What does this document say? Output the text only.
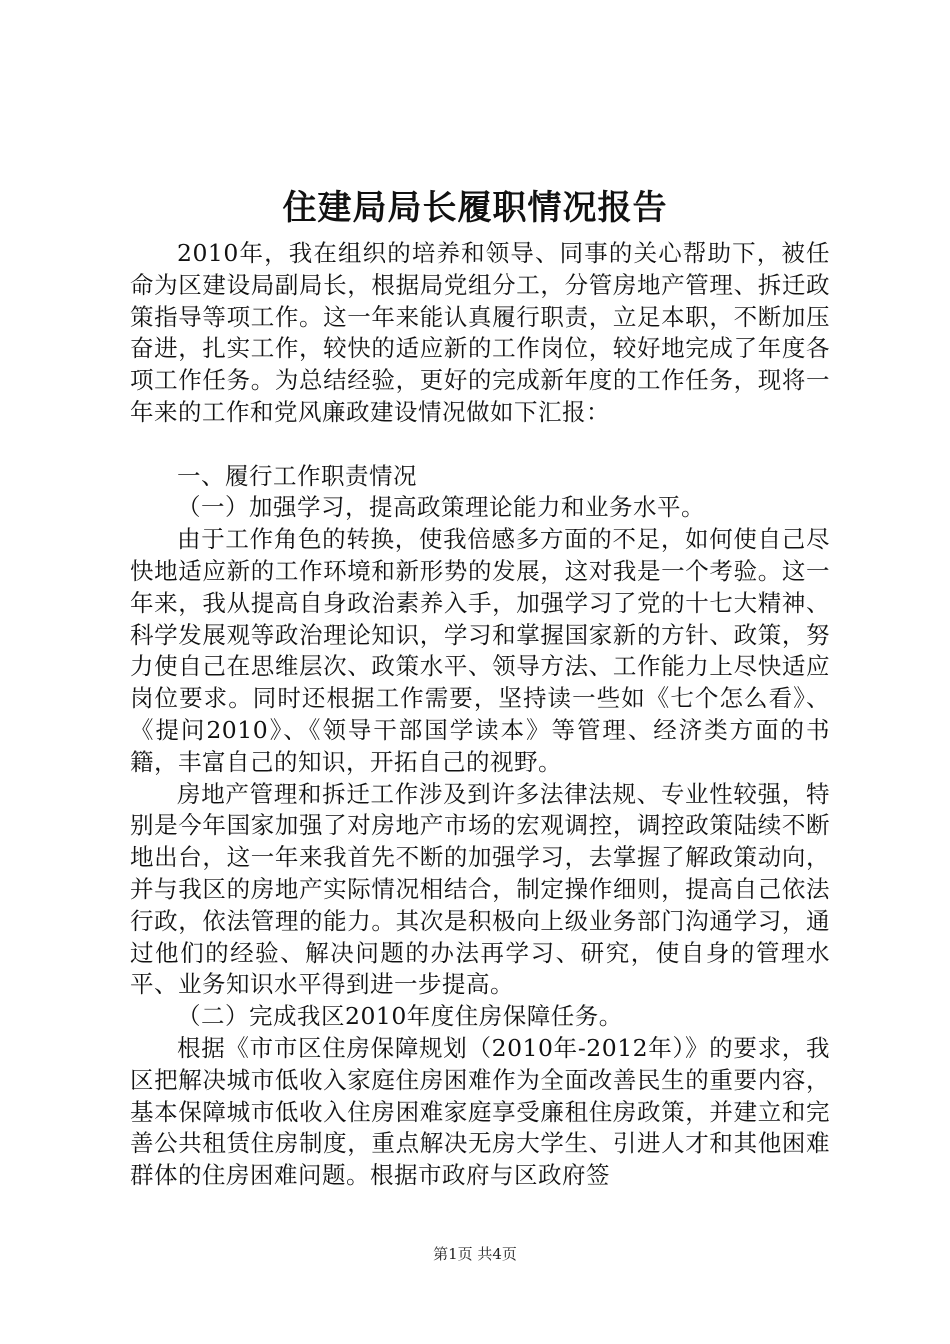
住建局局长履职情况报告

2010年，我在组织的培养和领导、同事的关心帮助下，被任命为区建设局副局长，根据局党组分工，分管房地产管理、拆迁政策指导等项工作。这一年来能认真履行职责，立足本职，不断加压奋进，扎实工作，较快的适应新的工作岗位，较好地完成了年度各项工作任务。为总结经验，更好的完成新年度的工作任务，现将一年来的工作和党风廉政建设情况做如下汇报：

一、履行工作职责情况

（一）加强学习，提高政策理论能力和业务水平。

由于工作角色的转换，使我倍感多方面的不足，如何使自己尽快地适应新的工作环境和新形势的发展，这对我是一个考验。这一年来，我从提高自身政治素养入手，加强学习了党的十七大精神、科学发展观等政治理论知识，学习和掌握国家新的方针、政策，努力使自己在思维层次、政策水平、领导方法、工作能力上尽快适应岗位要求。同时还根据工作需要，坚持读一些如《七个怎么看》、《提问2010》、《领导干部国学读本》等管理、经济类方面的书籍，丰富自己的知识，开拓自己的视野。

房地产管理和拆迁工作涉及到许多法律法规、专业性较强，特别是今年国家加强了对房地产市场的宏观调控，调控政策陆续不断地出台，这一年来我首先不断的加强学习，去掌握了解政策动向，并与我区的房地产实际情况相结合，制定操作细则，提高自己依法行政，依法管理的能力。其次是积极向上级业务部门沟通学习，通过他们的经验、解决问题的办法再学习、研究，使自身的管理水平、业务知识水平得到进一步提高。

（二）完成我区2010年度住房保障任务。

根据《市市区住房保障规划（2010年-2012年）》的要求，我区把解决城市低收入家庭住房困难作为全面改善民生的重要内容，基本保障城市低收入住房困难家庭享受廉租住房政策，并建立和完善公共租赁住房制度，重点解决无房大学生、引进人才和其他困难群体的住房困难问题。根据市政府与区政府签

第1页 共4页
